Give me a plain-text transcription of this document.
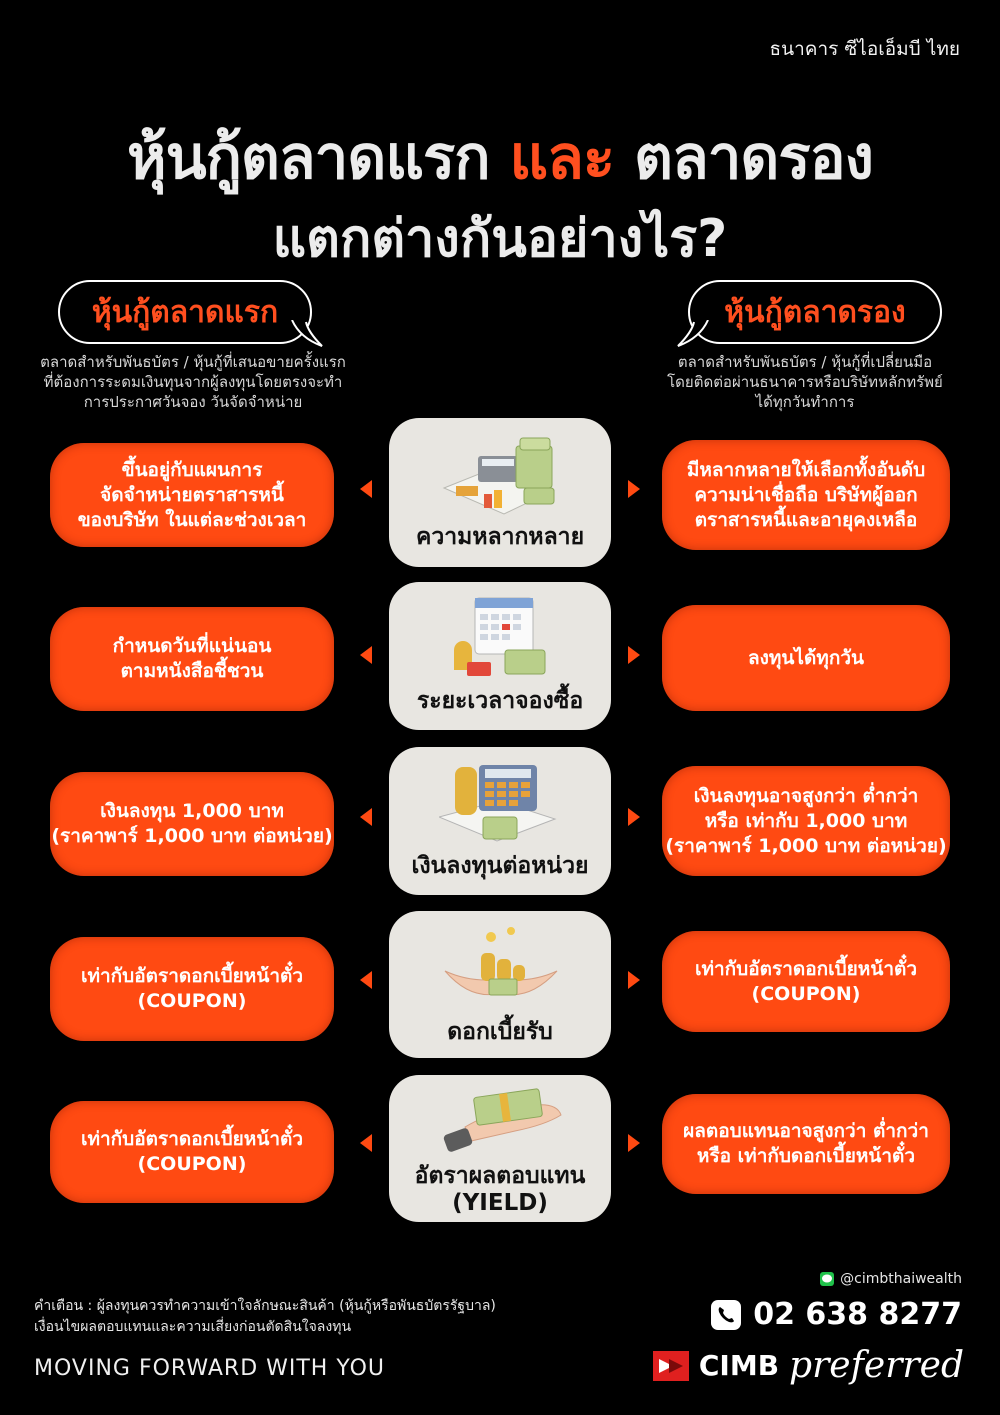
ธนาคาร ซีไอเอ็มบี ไทย
หุ้นกู้ตลาดแรก และ ตลาดรอง
แตกต่างกันอย่างไร?
หุ้นกู้ตลาดแรก
ตลาดสำหรับพันธบัตร / หุ้นกู้ที่เสนอขายครั้งแรก
ที่ต้องการระดมเงินทุนจากผู้ลงทุนโดยตรงจะทำ
การประกาศวันจอง วันจัดจำหน่าย
หุ้นกู้ตลาดรอง
ตลาดสำหรับพันธบัตร / หุ้นกู้ที่เปลี่ยนมือ
โดยติดต่อผ่านธนาคารหรือบริษัทหลักทรัพย์
ได้ทุกวันทำการ
ขึ้นอยู่กับแผนการ
จัดจำหน่ายตราสารหนี้
ของบริษัท ในแต่ละช่วงเวลา
ความหลากหลาย
มีหลากหลายให้เลือกทั้งอันดับ
ความน่าเชื่อถือ บริษัทผู้ออก
ตราสารหนี้และอายุคงเหลือ
กำหนดวันที่แน่นอน
ตามหนังสือชี้ชวน
ระยะเวลาจองซื้อ
ลงทุนได้ทุกวัน
เงินลงทุน 1,000 บาท
(ราคาพาร์ 1,000 บาท ต่อหน่วย)
เงินลงทุนต่อหน่วย
เงินลงทุนอาจสูงกว่า ต่ำกว่า
หรือ เท่ากับ 1,000 บาท
(ราคาพาร์ 1,000 บาท ต่อหน่วย)
เท่ากับอัตราดอกเบี้ยหน้าตั๋ว
(COUPON)
ดอกเบี้ยรับ
เท่ากับอัตราดอกเบี้ยหน้าตั๋ว
(COUPON)
เท่ากับอัตราดอกเบี้ยหน้าตั๋ว
(COUPON)	อัตราผลตอบแทน
(YIELD)
ผลตอบแทนอาจสูงกว่า ต่ำกว่า
หรือ เท่ากับดอกเบี้ยหน้าตั๋ว
คำเตือน : ผู้ลงทุนควรทำความเข้าใจลักษณะสินค้า (หุ้นกู้หรือพันธบัตรรัฐบาล)
เงื่อนไขผลตอบแทนและความเสี่ยงก่อนตัดสินใจลงทุน
MOVING FORWARD WITH YOU
@cimbthaiwealth
02 638 8277
CIMB preferred
